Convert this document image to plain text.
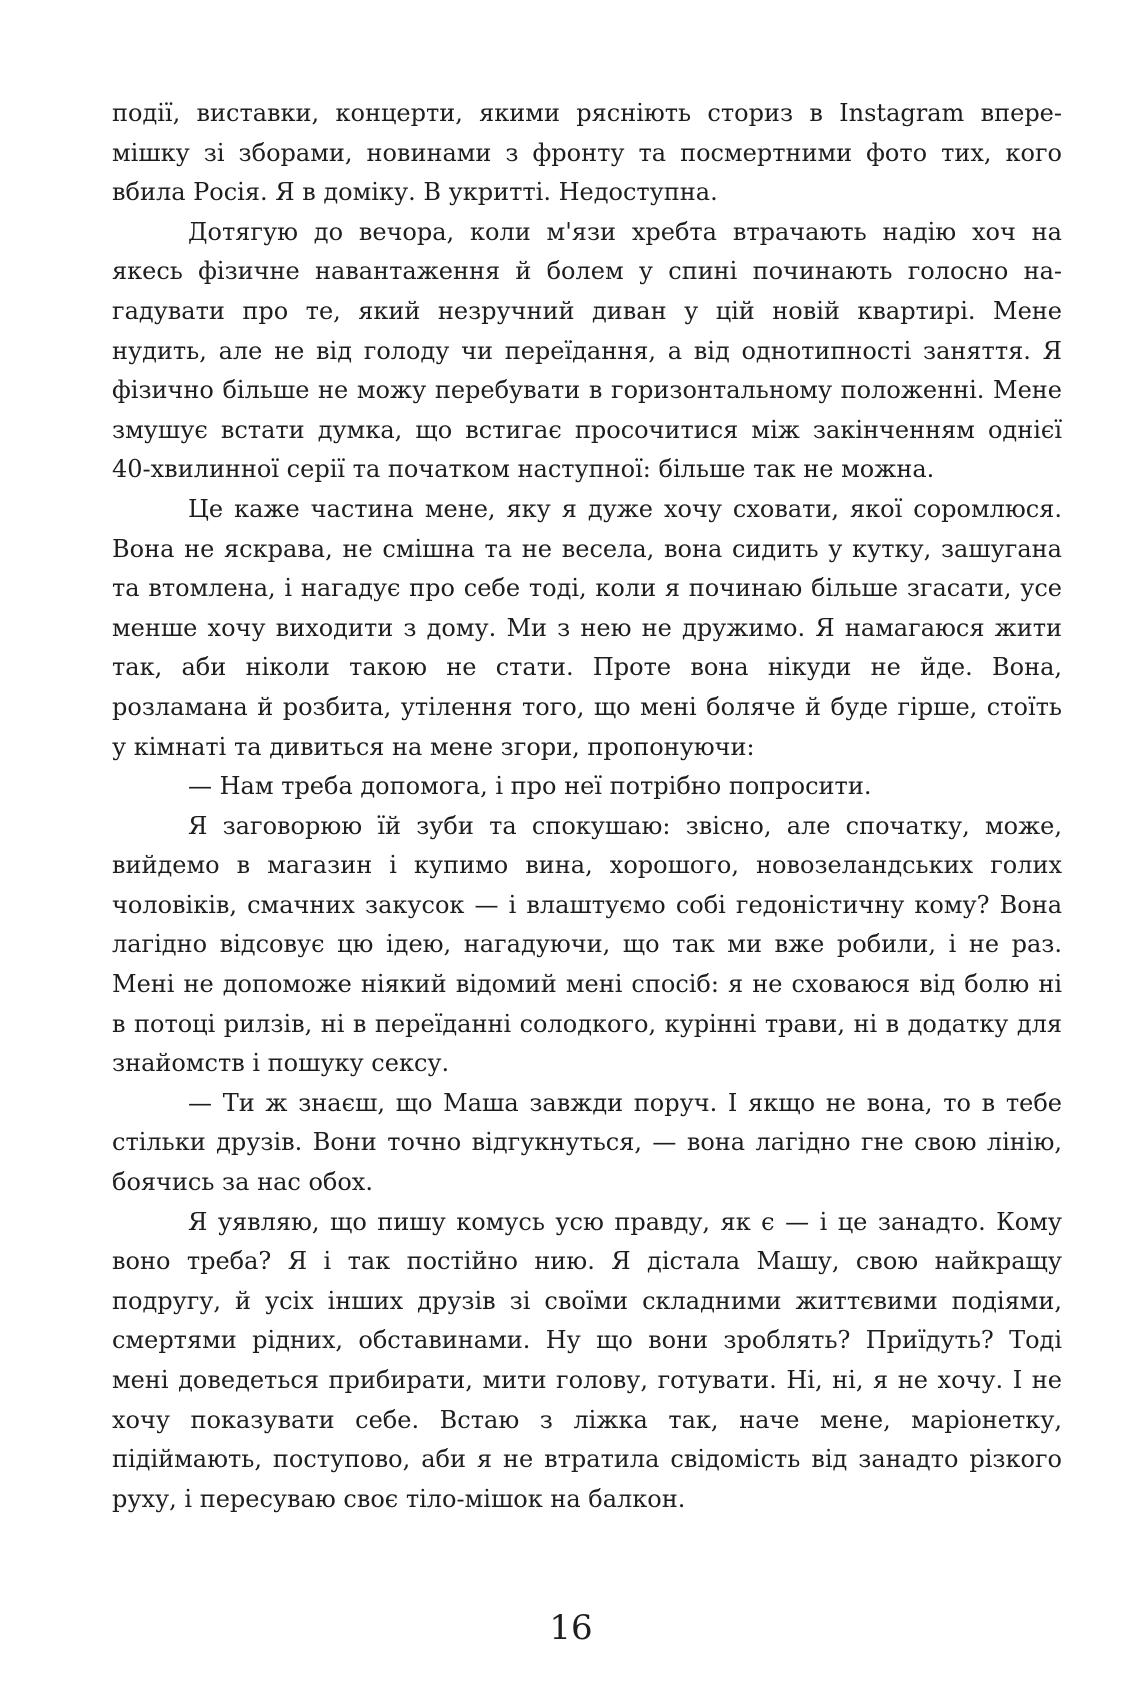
події, виставки, концерти, якими рясніють сториз в Instagram вперемішку зі зборами, новинами з фронту та посмертними фото тих, кого вбила Росія. Я в доміку. В укритті. Недоступна.

Дотягую до вечора, коли м'язи хребта втрачають надію хоч на якесь фізичне навантаження й болем у спині починають голосно нагадувати про те, який незручний диван у цій новій квартирі. Мене нудить, але не від голоду чи переїдання, а від однотипності заняття. Я фізично більше не можу перебувати в горизонтальному положенні. Мене змушує встати думка, що встигає просочитися між закінченням однієї 40-хвилинної серії та початком наступної: більше так не можна.

Це каже частина мене, яку я дуже хочу сховати, якої соромлюся. Вона не яскрава, не смішна та не весела, вона сидить у кутку, зашугана та втомлена, і нагадує про себе тоді, коли я починаю більше згасати, усе менше хочу виходити з дому. Ми з нею не дружимо. Я намагаюся жити так, аби ніколи такою не стати. Проте вона нікуди не йде. Вона, розламана й розбита, утілення того, що мені боляче й буде гірше, стоїть у кімнаті та дивиться на мене згори, пропонуючи:

— Нам треба допомога, і про неї потрібно попросити.

Я заговорюю їй зуби та спокушаю: звісно, але спочатку, може, вийдемо в магазин і купимо вина, хорошого, новозеландських голих чоловіків, смачних закусок — і влаштуємо собі гедоністичну кому? Вона лагідно відсовує цю ідею, нагадуючи, що так ми вже робили, і не раз. Мені не допоможе ніякий відомий мені спосіб: я не сховаюся від болю ні в потоці рилзів, ні в переїданні солодкого, курінні трави, ні в додатку для знайомств і пошуку сексу.

— Ти ж знаєш, що Маша завжди поруч. І якщо не вона, то в тебе стільки друзів. Вони точно відгукнуться, — вона лагідно гне свою лінію, боячись за нас обох.

Я уявляю, що пишу комусь усю правду, як є — і це занадто. Кому воно треба? Я і так постійно нию. Я дістала Машу, свою найкращу подругу, й усіх інших друзів зі своїми складними життєвими подіями, смертями рідних, обставинами. Ну що вони зроблять? Приїдуть? Тоді мені доведеться прибирати, мити голову, готувати. Ні, ні, я не хочу. І не хочу показувати себе. Встаю з ліжка так, наче мене, маріонетку, підіймають, поступово, аби я не втратила свідомість від занадто різкого руху, і пересуваю своє тіло-мішок на балкон.

16
